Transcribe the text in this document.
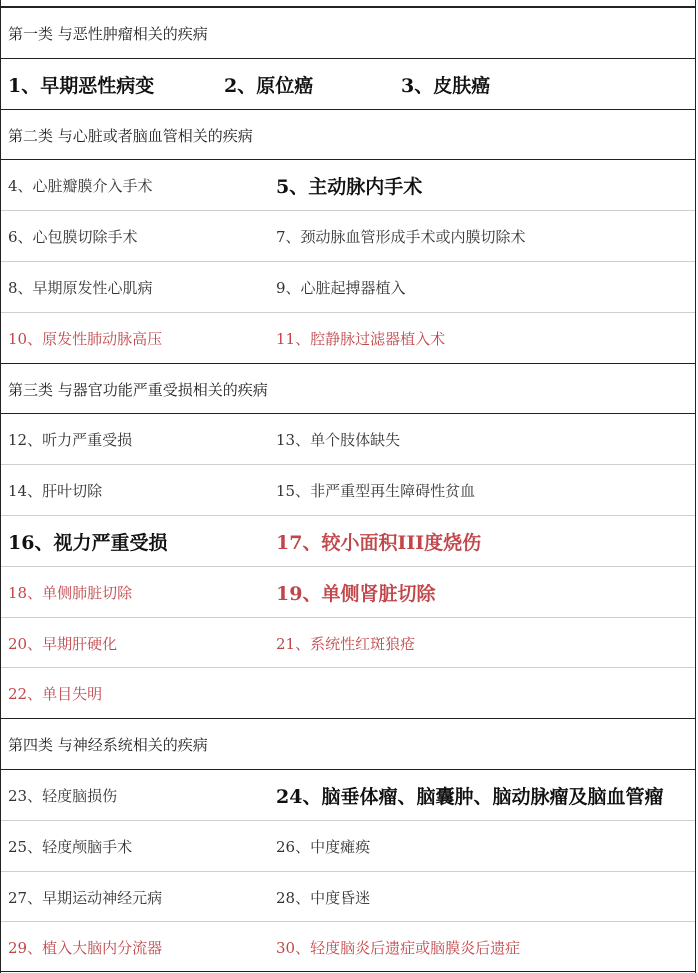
第一类 与恶性肿瘤相关的疾病
1、早期恶性病变	2、原位癌	3、皮肤癌
第二类 与心脏或者脑血管相关的疾病
4、心脏瓣膜介入手术	5、主动脉内手术
6、心包膜切除手术	7、颈动脉血管形成手术或内膜切除术
8、早期原发性心肌病	9、心脏起搏器植入
10、原发性肺动脉高压	11、腔静脉过滤器植入术
第三类 与器官功能严重受损相关的疾病
12、听力严重受损	13、单个肢体缺失
14、肝叶切除	15、非严重型再生障碍性贫血
16、视力严重受损	17、较小面积III度烧伤
18、单侧肺脏切除	19、单侧肾脏切除
20、早期肝硬化	21、系统性红斑狼疮
22、单目失明
第四类 与神经系统相关的疾病
23、轻度脑损伤	24、脑垂体瘤、脑囊肿、脑动脉瘤及脑血管瘤
25、轻度颅脑手术	26、中度瘫痪
27、早期运动神经元病	28、中度昏迷
29、植入大脑内分流器	30、轻度脑炎后遗症或脑膜炎后遗症
